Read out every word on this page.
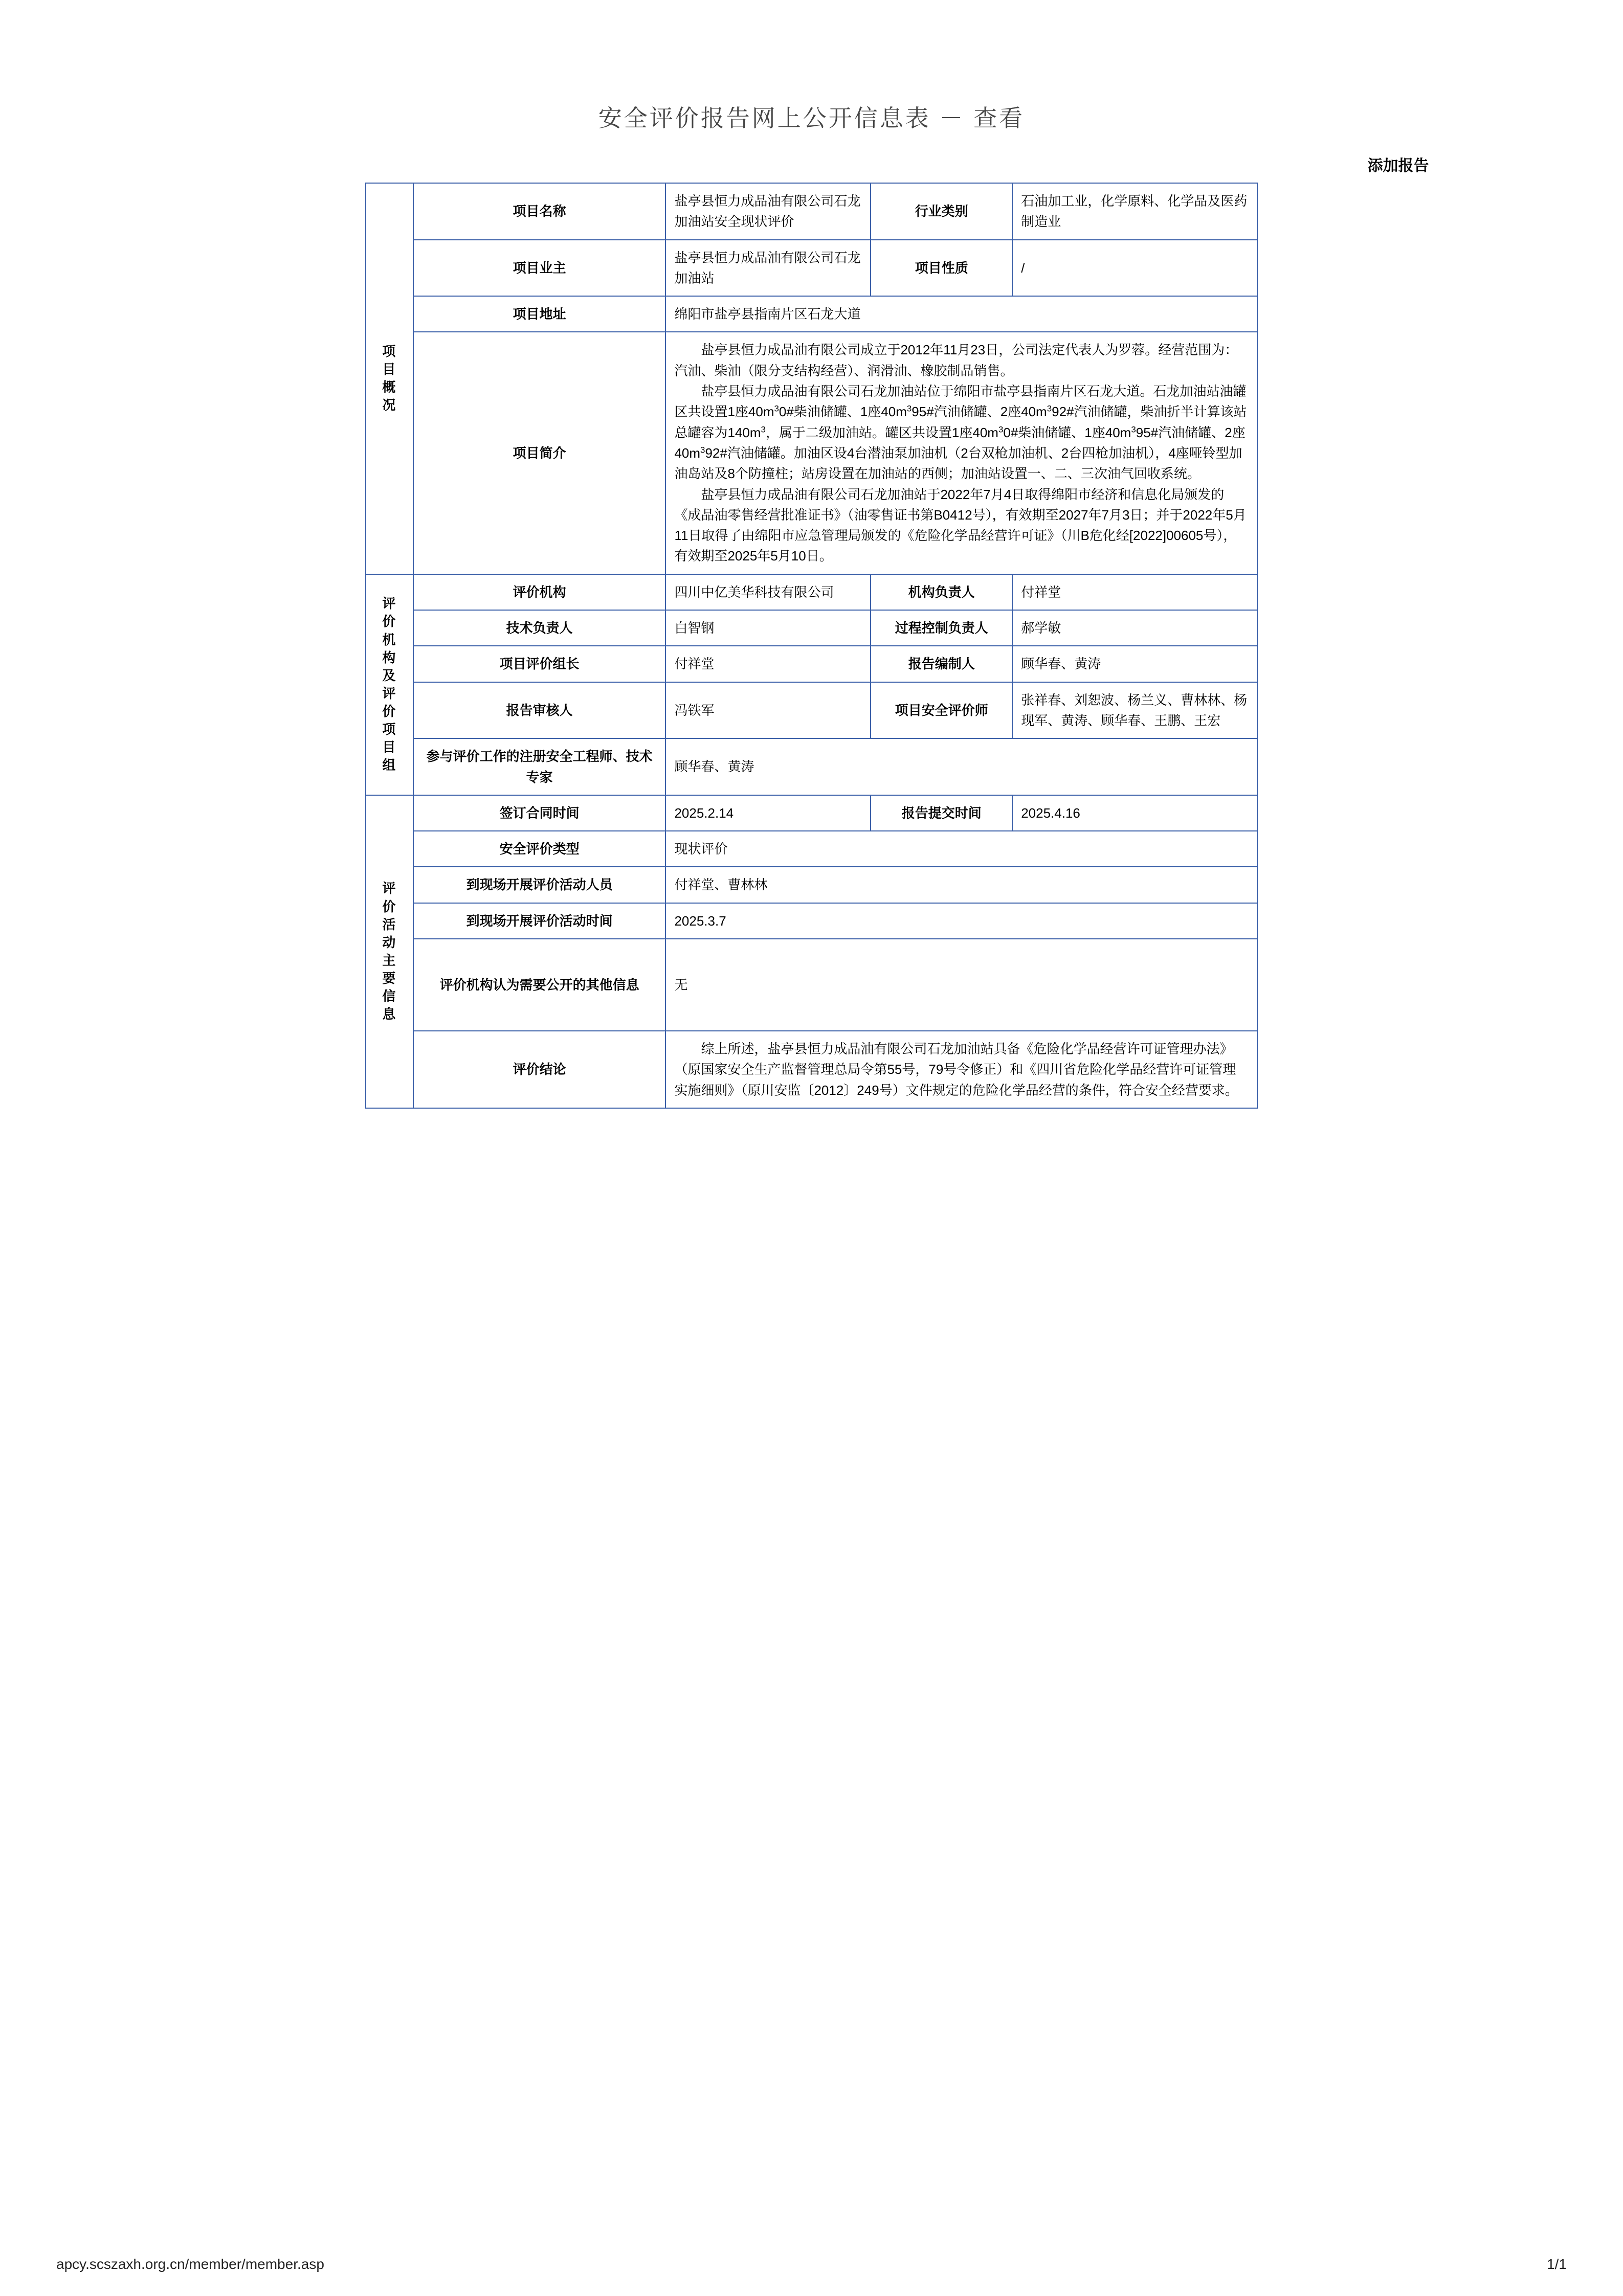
安全评价报告网上公开信息表 － 查看
添加报告
项 目 概 况	项目名称	盐亭县恒力成品油有限公司石龙加油站安全现状评价	行业类别	石油加工业，化学原料、化学品及医药制造业
	项目业主	盐亭县恒力成品油有限公司石龙加油站	项目性质	/
	项目地址	绵阳市盐亭县指南片区石龙大道		
	项目简介	盐亭县恒力成品油有限公司成立于2012年11月23日，公司法定代表人为罗蓉。经营范围为：汽油、柴油（限分支结构经营）、润滑油、橡胶制品销售。

盐亭县恒力成品油有限公司石龙加油站位于绵阳市盐亭县指南片区石龙大道。石龙加油站油罐区共设置1座$40m^30\#$柴油储罐、1座$40m^395\#$汽油储罐、2座$40m^392\#$汽油储罐，柴油折半计算该站总罐容为$140m^3$，属于二级加油站。罐区共设置1座$40m^30\#$柴油储罐、1座$40m^395\#$汽油储罐、2座$40m^392\#$汽油储罐。加油区设4台潜油泵加油机（2台双枪加油机、2台四枪加油机），4座哑铃型加油岛站及8个防撞柱；站房设置在加油站的西侧；加油站设置一、二、三次油气回收系统。

盐亭县恒力成品油有限公司石龙加油站于2022年7月4日取得绵阳市经济和信息化局颁发的《成品油零售经营批准证书》（油零售证书第B0412号），有效期至2027年7月3日；并于2022年5月11日取得了由绵阳市应急管理局颁发的《危险化学品经营许可证》（川B危化经[2022]00605号），有效期至2025年5月10日。		

评 价 机 构 及 评 价 项 目 组	评价机构	四川中亿美华科技有限公司	机构负责人	付祥堂
	技术负责人	白智钢	过程控制负责人	郝学敏
	项目评价组长	付祥堂	报告编制人	顾华春、黄涛
	报告审核人	冯铁军	项目安全评价师	张祥春、刘恕波、杨兰义、曹林林、杨现军、黄涛、顾华春、王鹏、王宏
	参与评价工作的注册安全工程师、技术专家	顾华春、黄涛		

评 价 活 动 主 要 信 息	签订合同时间	2025.2.14	报告提交时间	2025.4.16
	安全评价类型	现状评价		
	到现场开展评价活动人员	付祥堂、曹林林		
	到现场开展评价活动时间	2025.3.7		
	评价机构认为需要公开的其他信息	无		
	评价结论	综上所述，盐亭县恒力成品油有限公司石龙加油站具备《危险化学品经营许可证管理办法》（原国家安全生产监督管理总局令第55号，79号令修正）和《四川省危险化学品经营许可证管理实施细则》（原川安监〔2012〕249号）文件规定的危险化学品经营的条件，符合安全经营要求。		

apcy.scszaxh.org.cn/member/member.asp	1/1
